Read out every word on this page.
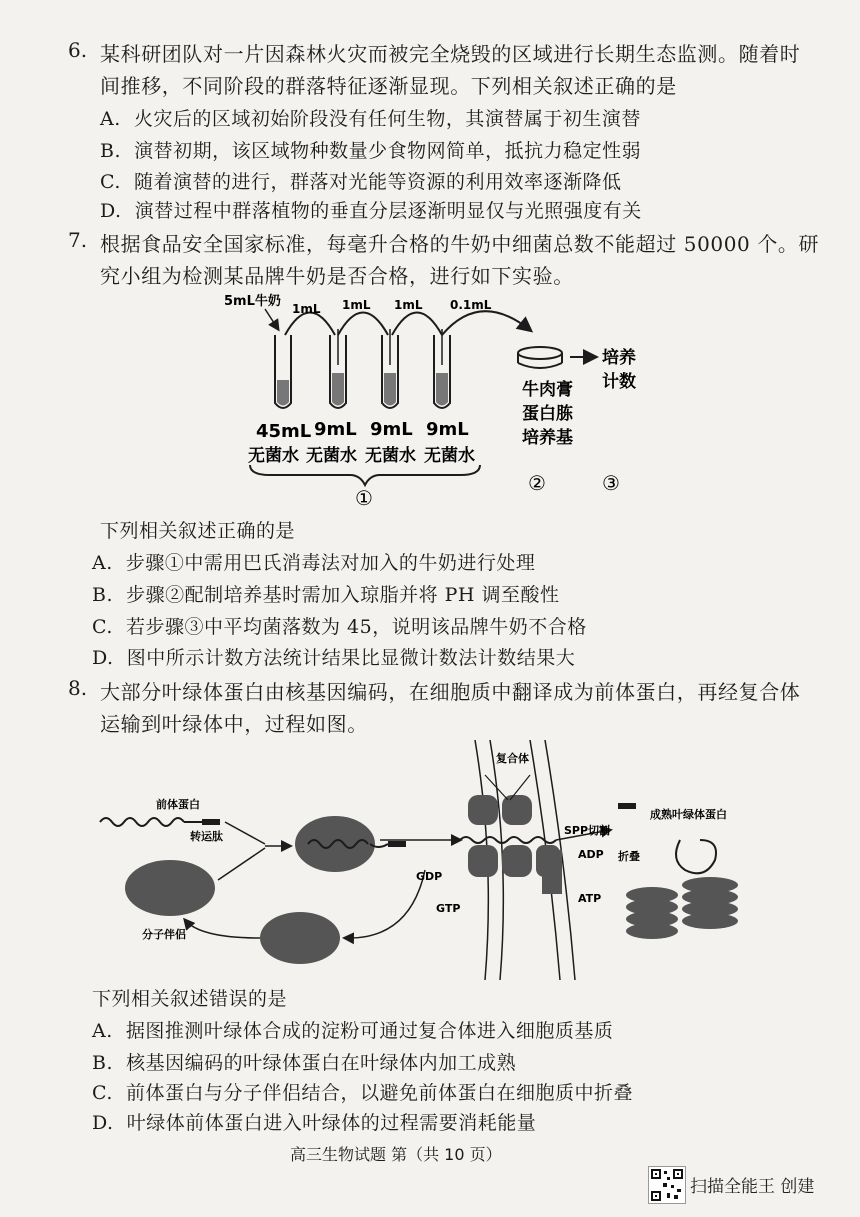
6. 某科研团队对一片因森林火灾而被完全烧毁的区域进行长期生态监测。随着时
间推移，不同阶段的群落特征逐渐显现。下列相关叙述正确的是
A. 火灾后的区域初始阶段没有任何生物，其演替属于初生演替
B. 演替初期，该区域物种数量少食物网简单，抵抗力稳定性弱
C. 随着演替的进行，群落对光能等资源的利用效率逐渐降低
D. 演替过程中群落植物的垂直分层逐渐明显仅与光照强度有关
7. 根据食品安全国家标准，每毫升合格的牛奶中细菌总数不能超过 50000 个。研
究小组为检测某品牌牛奶是否合格，进行如下实验。
5mL牛奶 1mL 1mL 1mL 0.1mL
培养
计数
牛肉膏
蛋白胨
培养基
45mL 9mL 9mL 9mL
无菌水 无菌水 无菌水 无菌水
①
②	③
下列相关叙述正确的是
A. 步骤①中需用巴氏消毒法对加入的牛奶进行处理
B. 步骤②配制培养基时需加入琼脂并将 PH 调至酸性
C. 若步骤③中平均菌落数为 45，说明该品牌牛奶不合格
D. 图中所示计数方法统计结果比显微计数法计数结果大
8. 大部分叶绿体蛋白由核基因编码，在细胞质中翻译成为前体蛋白，再经复合体
运输到叶绿体中，过程如图。
前体蛋白
转运肽
分子伴侣
复合体
SPP切割
成熟叶绿体蛋白
折叠
ADP
ATP
GDP
GTP
下列相关叙述错误的是
A. 据图推测叶绿体合成的淀粉可通过复合体进入细胞质基质
B. 核基因编码的叶绿体蛋白在叶绿体内加工成熟
C. 前体蛋白与分子伴侣结合，以避免前体蛋白在细胞质中折叠
D. 叶绿体前体蛋白进入叶绿体的过程需要消耗能量
高三生物试题 第（共 10 页）
扫描全能王 创建
